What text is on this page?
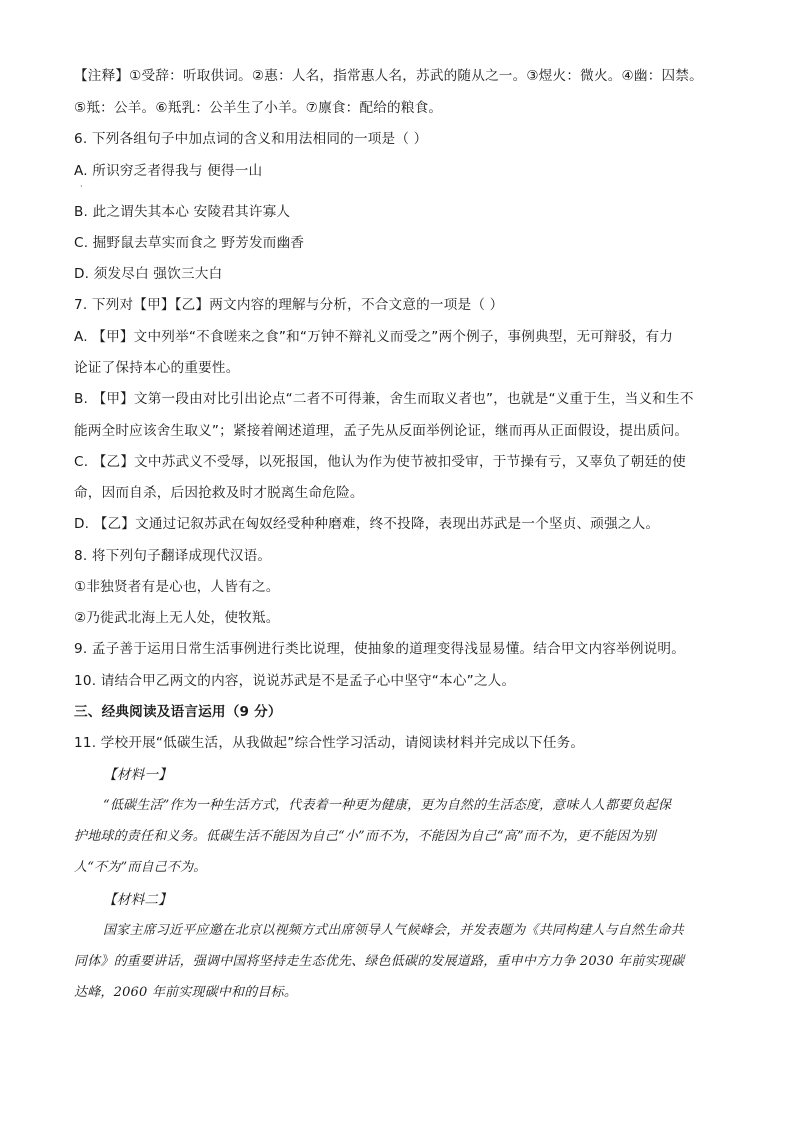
【注释】①受辞：听取供词。②惠：人名，指常惠人名，苏武的随从之一。③煜火：微火。④幽：囚禁。
⑤羝：公羊。⑥羝乳：公羊生了小羊。⑦廪食：配给的粮食。
6. 下列各组句子中加点词的含义和用法相同的一项是（ ）
A. 所识穷乏者得我与 便得一山
·
B. 此之谓失其本心 安陵君其许寡人
C. 掘野鼠去草实而食之 野芳发而幽香
D. 须发尽白 强饮三大白
7. 下列对【甲】【乙】两文内容的理解与分析，不合文意的一项是（ ）
A. 【甲】文中列举“不食嗟来之食”和“万钟不辩礼义而受之”两个例子，事例典型，无可辩驳，有力
论证了保持本心的重要性。
B. 【甲】文第一段由对比引出论点“二者不可得兼，舍生而取义者也”，也就是“义重于生，当义和生不
能两全时应该舍生取义”；紧接着阐述道理，孟子先从反面举例论证，继而再从正面假设，提出质问。
C. 【乙】文中苏武义不受辱，以死报国，他认为作为使节被扣受审，于节操有亏，又辜负了朝廷的使
命，因而自杀，后因抢救及时才脱离生命危险。
D. 【乙】文通过记叙苏武在匈奴经受种种磨难，终不投降，表现出苏武是一个坚贞、顽强之人。
8. 将下列句子翻译成现代汉语。
①非独贤者有是心也，人皆有之。
②乃徙武北海上无人处，使牧羝。
9. 孟子善于运用日常生活事例进行类比说理，使抽象的道理变得浅显易懂。结合甲文内容举例说明。
10. 请结合甲乙两文的内容，说说苏武是不是孟子心中坚守“本心”之人。
三、经典阅读及语言运用（9 分）
11. 学校开展“低碳生活，从我做起”综合性学习活动，请阅读材料并完成以下任务。
【材料一】
“低碳生活”作为一种生活方式，代表着一种更为健康，更为自然的生活态度，意味人人都要负起保
护地球的责任和义务。低碳生活不能因为自己“小”而不为，不能因为自己“高”而不为，更不能因为别
人“不为”而自己不为。
【材料二】
国家主席习近平应邀在北京以视频方式出席领导人气候峰会，并发表题为《共同构建人与自然生命共
同体》的重要讲话，强调中国将坚持走生态优先、绿色低碳的发展道路，重申中方力争 2030 年前实现碳
达峰，2060 年前实现碳中和的目标。
